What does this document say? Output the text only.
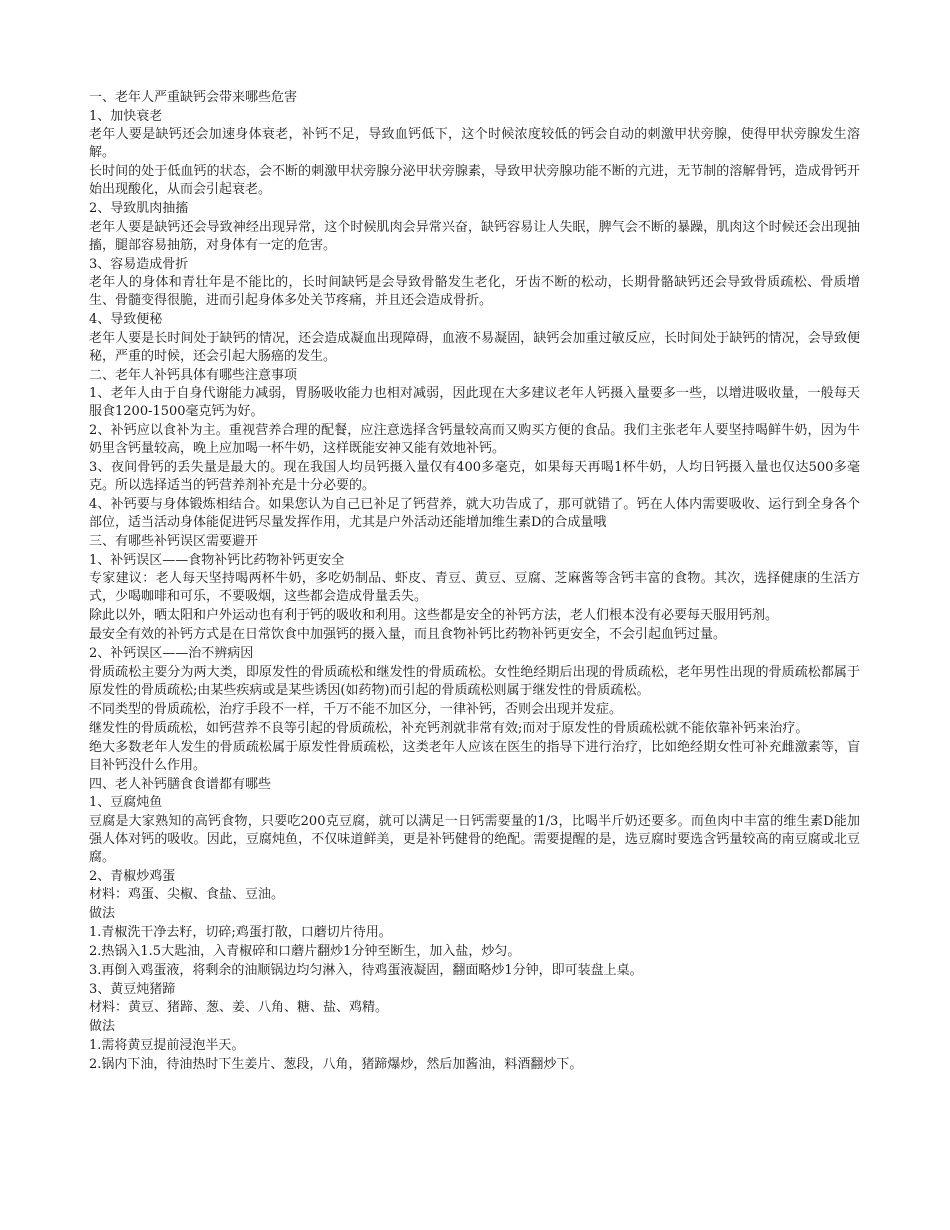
一、老年人严重缺钙会带来哪些危害

1、加快衰老

老年人要是缺钙还会加速身体衰老，补钙不足，导致血钙低下，这个时候浓度较低的钙会自动的刺激甲状旁腺，使得甲状旁腺发生溶解。

长时间的处于低血钙的状态，会不断的刺激甲状旁腺分泌甲状旁腺素，导致甲状旁腺功能不断的亢进，无节制的溶解骨钙，造成骨钙开始出现酸化，从而会引起衰老。

2、导致肌肉抽搐

老年人要是缺钙还会导致神经出现异常，这个时候肌肉会异常兴奋，缺钙容易让人失眠，脾气会不断的暴躁，肌肉这个时候还会出现抽搐，腿部容易抽筋，对身体有一定的危害。

3、容易造成骨折

老年人的身体和青壮年是不能比的，长时间缺钙是会导致骨骼发生老化，牙齿不断的松动，长期骨骼缺钙还会导致骨质疏松、骨质增生、骨髓变得很脆，进而引起身体多处关节疼痛，并且还会造成骨折。

4、导致便秘

老年人要是长时间处于缺钙的情况，还会造成凝血出现障碍，血液不易凝固，缺钙会加重过敏反应，长时间处于缺钙的情况，会导致便秘，严重的时候，还会引起大肠癌的发生。

二、老年人补钙具体有哪些注意事项

1、老年人由于自身代谢能力减弱，胃肠吸收能力也相对减弱，因此现在大多建议老年人钙摄入量要多一些，以增进吸收量，一般每天服食1200-1500毫克钙为好。

2、补钙应以食补为主。重视营养合理的配餐，应注意选择含钙量较高而又购买方便的食品。我们主张老年人要坚持喝鲜牛奶，因为牛奶里含钙量较高，晚上应加喝一杯牛奶，这样既能安神又能有效地补钙。

3、夜间骨钙的丢失量是最大的。现在我国人均员钙摄入量仅有400多毫克，如果每天再喝1杯牛奶，人均日钙摄入量也仅达500多毫克。所以选择适当的钙营养剂补充是十分必要的。

4、补钙要与身体锻炼相结合。如果您认为自己已补足了钙营养，就大功告成了，那可就错了。钙在人体内需要吸收、运行到全身各个部位，适当活动身体能促进钙尽量发挥作用，尤其是户外活动还能增加维生素D的合成量哦

三、有哪些补钙误区需要避开

1、补钙误区——食物补钙比药物补钙更安全

专家建议：老人每天坚持喝两杯牛奶，多吃奶制品、虾皮、青豆、黄豆、豆腐、芝麻酱等含钙丰富的食物。其次，选择健康的生活方式，少喝咖啡和可乐，不要吸烟，这些都会造成骨量丢失。

除此以外，晒太阳和户外运动也有利于钙的吸收和利用。这些都是安全的补钙方法，老人们根本没有必要每天服用钙剂。

最安全有效的补钙方式是在日常饮食中加强钙的摄入量，而且食物补钙比药物补钙更安全，不会引起血钙过量。

2、补钙误区——治不辨病因

骨质疏松主要分为两大类，即原发性的骨质疏松和继发性的骨质疏松。女性绝经期后出现的骨质疏松，老年男性出现的骨质疏松都属于原发性的骨质疏松;由某些疾病或是某些诱因(如药物)而引起的骨质疏松则属于继发性的骨质疏松。

不同类型的骨质疏松，治疗手段不一样，千万不能不加区分，一律补钙，否则会出现并发症。

继发性的骨质疏松，如钙营养不良等引起的骨质疏松，补充钙剂就非常有效;而对于原发性的骨质疏松就不能依靠补钙来治疗。

绝大多数老年人发生的骨质疏松属于原发性骨质疏松，这类老年人应该在医生的指导下进行治疗，比如绝经期女性可补充雌激素等，盲目补钙没什么作用。

四、老人补钙膳食食谱都有哪些

1、豆腐炖鱼

豆腐是大家熟知的高钙食物，只要吃200克豆腐，就可以满足一日钙需要量的1/3，比喝半斤奶还要多。而鱼肉中丰富的维生素D能加强人体对钙的吸收。因此，豆腐炖鱼，不仅味道鲜美，更是补钙健骨的绝配。需要提醒的是，选豆腐时要选含钙量较高的南豆腐或北豆腐。

2、青椒炒鸡蛋

材料：鸡蛋、尖椒、食盐、豆油。

做法

1.青椒洗干净去籽，切碎;鸡蛋打散，口蘑切片待用。

2.热锅入1.5大匙油，入青椒碎和口蘑片翻炒1分钟至断生，加入盐，炒匀。

3.再倒入鸡蛋液，将剩余的油顺锅边均匀淋入，待鸡蛋液凝固，翻面略炒1分钟，即可装盘上桌。

3、黄豆炖猪蹄

材料：黄豆、猪蹄、葱、姜、八角、糖、盐、鸡精。

做法

1.需将黄豆提前浸泡半天。

2.锅内下油，待油热时下生姜片、葱段，八角，猪蹄爆炒，然后加酱油，料酒翻炒下。
